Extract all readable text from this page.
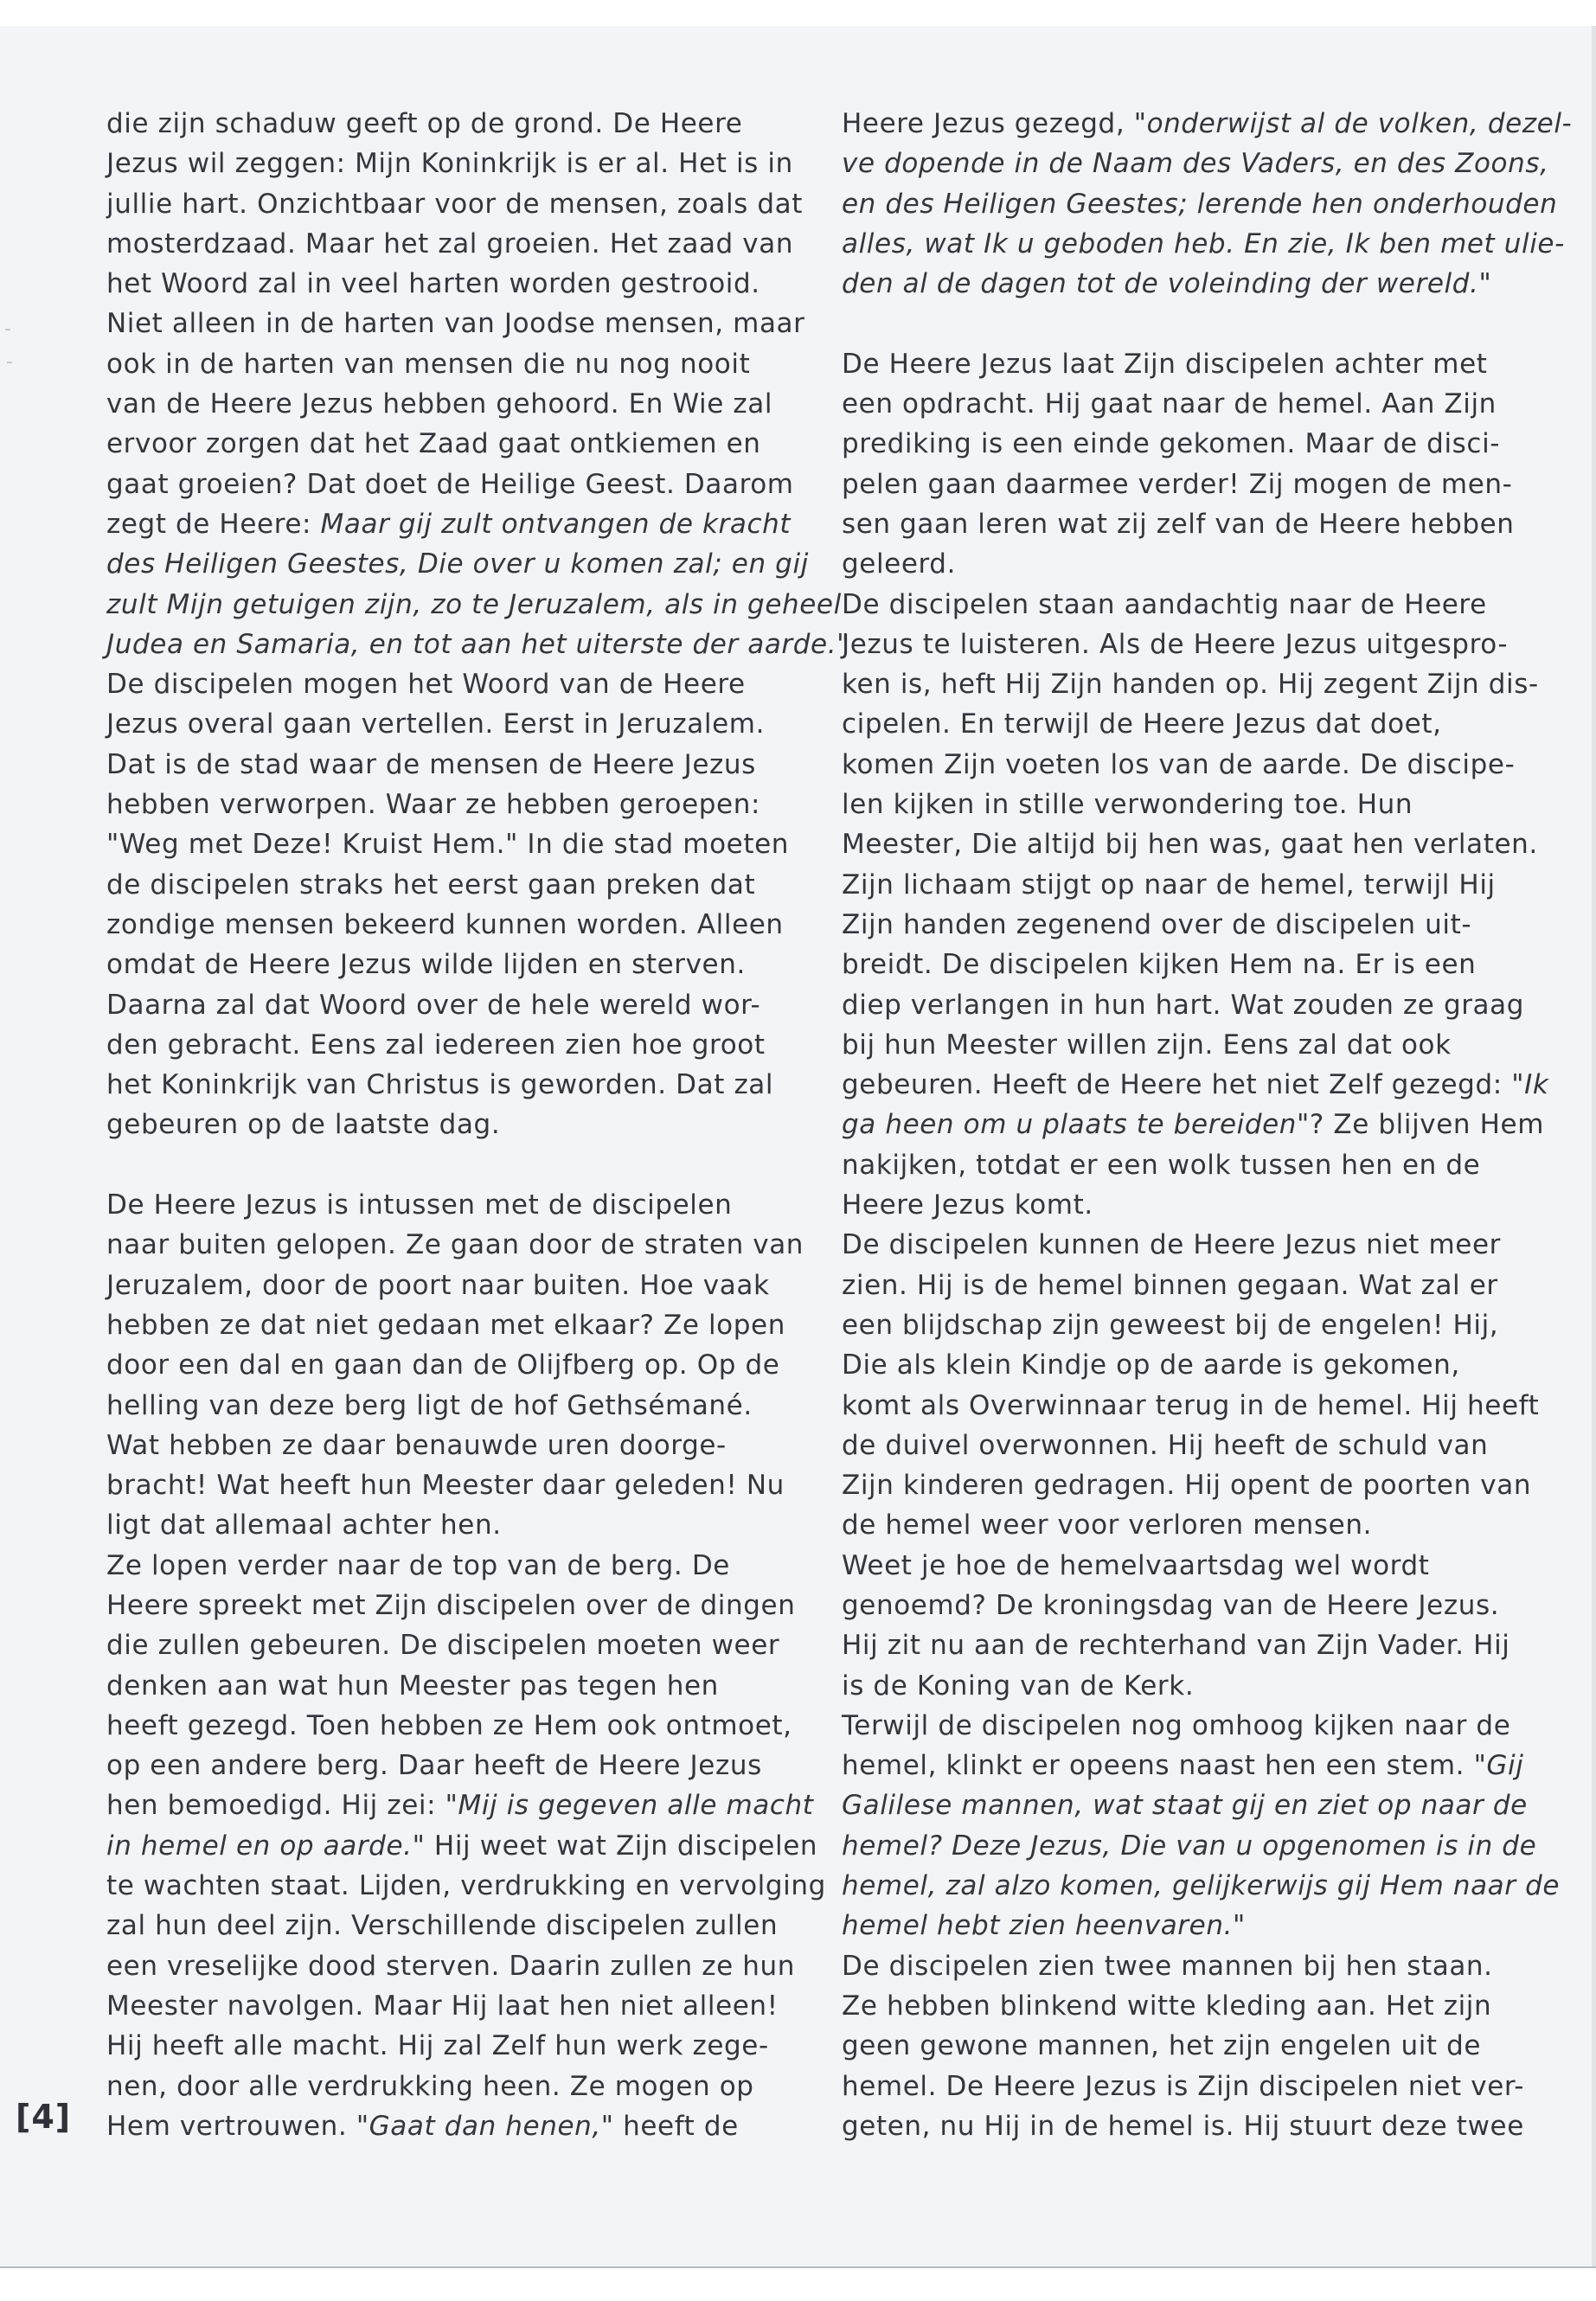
die zijn schaduw geeft op de grond. De Heere
Jezus wil zeggen: Mijn Koninkrijk is er al. Het is in
jullie hart. Onzichtbaar voor de mensen, zoals dat
mosterdzaad. Maar het zal groeien. Het zaad van
het Woord zal in veel harten worden gestrooid.
Niet alleen in de harten van Joodse mensen, maar
ook in de harten van mensen die nu nog nooit
van de Heere Jezus hebben gehoord. En Wie zal
ervoor zorgen dat het Zaad gaat ontkiemen en
gaat groeien? Dat doet de Heilige Geest. Daarom
zegt de Heere: Maar gij zult ontvangen de kracht
des Heiligen Geestes, Die over u komen zal; en gij
zult Mijn getuigen zijn, zo te Jeruzalem, als in geheel
Judea en Samaria, en tot aan het uiterste der aarde."
De discipelen mogen het Woord van de Heere
Jezus overal gaan vertellen. Eerst in Jeruzalem.
Dat is de stad waar de mensen de Heere Jezus
hebben verworpen. Waar ze hebben geroepen:
"Weg met Deze! Kruist Hem." In die stad moeten
de discipelen straks het eerst gaan preken dat
zondige mensen bekeerd kunnen worden. Alleen
omdat de Heere Jezus wilde lijden en sterven.
Daarna zal dat Woord over de hele wereld wor-
den gebracht. Eens zal iedereen zien hoe groot
het Koninkrijk van Christus is geworden. Dat zal
gebeuren op de laatste dag.
De Heere Jezus is intussen met de discipelen
naar buiten gelopen. Ze gaan door de straten van
Jeruzalem, door de poort naar buiten. Hoe vaak
hebben ze dat niet gedaan met elkaar? Ze lopen
door een dal en gaan dan de Olijfberg op. Op de
helling van deze berg ligt de hof Gethsémané.
Wat hebben ze daar benauwde uren doorge-
bracht! Wat heeft hun Meester daar geleden! Nu
ligt dat allemaal achter hen.
Ze lopen verder naar de top van de berg. De
Heere spreekt met Zijn discipelen over de dingen
die zullen gebeuren. De discipelen moeten weer
denken aan wat hun Meester pas tegen hen
heeft gezegd. Toen hebben ze Hem ook ontmoet,
op een andere berg. Daar heeft de Heere Jezus
hen bemoedigd. Hij zei: "Mij is gegeven alle macht
in hemel en op aarde." Hij weet wat Zijn discipelen
te wachten staat. Lijden, verdrukking en vervolging
zal hun deel zijn. Verschillende discipelen zullen
een vreselijke dood sterven. Daarin zullen ze hun
Meester navolgen. Maar Hij laat hen niet alleen!
Hij heeft alle macht. Hij zal Zelf hun werk zege-
nen, door alle verdrukking heen. Ze mogen op
Hem vertrouwen. "Gaat dan henen," heeft de
Heere Jezus gezegd, "onderwijst al de volken, dezel-
ve dopende in de Naam des Vaders, en des Zoons,
en des Heiligen Geestes; lerende hen onderhouden
alles, wat Ik u geboden heb. En zie, Ik ben met ulie-
den al de dagen tot de voleinding der wereld."
De Heere Jezus laat Zijn discipelen achter met
een opdracht. Hij gaat naar de hemel. Aan Zijn
prediking is een einde gekomen. Maar de disci-
pelen gaan daarmee verder! Zij mogen de men-
sen gaan leren wat zij zelf van de Heere hebben
geleerd.
De discipelen staan aandachtig naar de Heere
Jezus te luisteren. Als de Heere Jezus uitgespro-
ken is, heft Hij Zijn handen op. Hij zegent Zijn dis-
cipelen. En terwijl de Heere Jezus dat doet,
komen Zijn voeten los van de aarde. De discipe-
len kijken in stille verwondering toe. Hun
Meester, Die altijd bij hen was, gaat hen verlaten.
Zijn lichaam stijgt op naar de hemel, terwijl Hij
Zijn handen zegenend over de discipelen uit-
breidt. De discipelen kijken Hem na. Er is een
diep verlangen in hun hart. Wat zouden ze graag
bij hun Meester willen zijn. Eens zal dat ook
gebeuren. Heeft de Heere het niet Zelf gezegd: "Ik
ga heen om u plaats te bereiden"? Ze blijven Hem
nakijken, totdat er een wolk tussen hen en de
Heere Jezus komt.
De discipelen kunnen de Heere Jezus niet meer
zien. Hij is de hemel binnen gegaan. Wat zal er
een blijdschap zijn geweest bij de engelen! Hij,
Die als klein Kindje op de aarde is gekomen,
komt als Overwinnaar terug in de hemel. Hij heeft
de duivel overwonnen. Hij heeft de schuld van
Zijn kinderen gedragen. Hij opent de poorten van
de hemel weer voor verloren mensen.
Weet je hoe de hemelvaartsdag wel wordt
genoemd? De kroningsdag van de Heere Jezus.
Hij zit nu aan de rechterhand van Zijn Vader. Hij
is de Koning van de Kerk.
Terwijl de discipelen nog omhoog kijken naar de
hemel, klinkt er opeens naast hen een stem. "Gij
Galilese mannen, wat staat gij en ziet op naar de
hemel? Deze Jezus, Die van u opgenomen is in de
hemel, zal alzo komen, gelijkerwijs gij Hem naar de
hemel hebt zien heenvaren."
De discipelen zien twee mannen bij hen staan.
Ze hebben blinkend witte kleding aan. Het zijn
geen gewone mannen, het zijn engelen uit de
hemel. De Heere Jezus is Zijn discipelen niet ver-
geten, nu Hij in de hemel is. Hij stuurt deze twee
[4]
